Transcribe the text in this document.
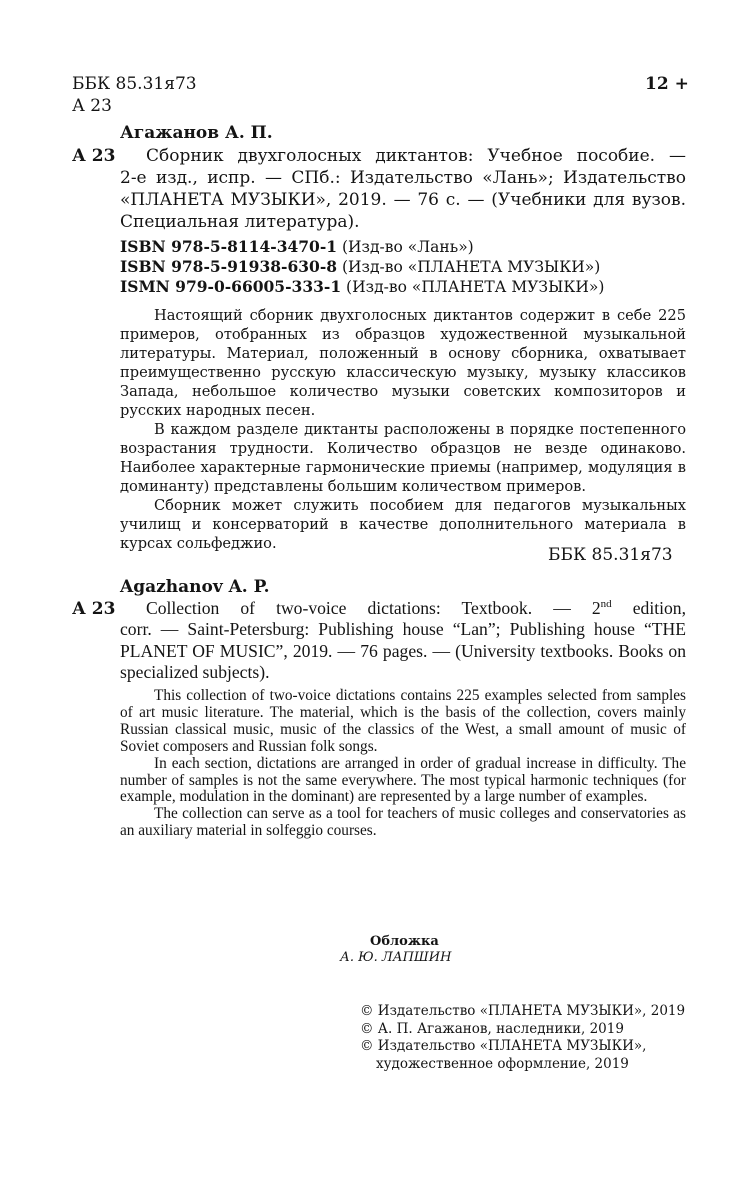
ББК 85.31я73
А 23
12 +
Агажанов А. П.
А 23 Сборник двухголосных диктантов: Учебное пособие. —
2-е изд., испр. — СПб.: Издательство «Лань»; Издательство «ПЛАНЕТА МУЗЫКИ», 2019. — 76 с. — (Учебники для вузов. Специальная литература).
ISBN 978-5-8114-3470-1 (Изд-во «Лань»)
ISBN 978-5-91938-630-8 (Изд-во «ПЛАНЕТА МУЗЫКИ»)
ISMN 979-0-66005-333-1 (Изд-во «ПЛАНЕТА МУЗЫКИ»)

Настоящий сборник двухголосных диктантов содержит в себе 225 примеров, отобранных из образцов художественной музыкальной литературы. Материал, положенный в основу сборника, охватывает преимущественно русскую классическую музыку, музыку классиков Запада, небольшое количество музыки советских композиторов и русских народных песен.

В каждом разделе диктанты расположены в порядке постепенного возрастания трудности. Количество образцов не везде одинаково. Наиболее характерные гармонические приемы (например, модуляция в доминанту) представлены большим количеством примеров.

Сборник может служить пособием для педагогов музыкальных училищ и консерваторий в качестве дополнительного материала в курсах сольфеджио.

ББК 85.31я73
Agazhanov A. P.
А 23 Collection of two-voice dictations: Textbook. — 2nd edition,
corr. — Saint-Petersburg: Publishing house “Lan”; Publishing house “THE PLANET OF MUSIC”, 2019. — 76 pages. — (University textbooks. Books on specialized subjects).

This collection of two-voice dictations contains 225 examples selected from samples of art music literature. The material, which is the basis of the collection, covers mainly Russian classical music, music of the classics of the West, a small amount of music of Soviet composers and Russian folk songs.

In each section, dictations are arranged in order of gradual increase in difficulty. The number of samples is not the same everywhere. The most typical harmonic techniques (for example, modulation in the dominant) are represented by a large number of examples.

The collection can serve as a tool for teachers of music colleges and conservatories as an auxiliary material in solfeggio courses.

Обложка
А. Ю. ЛАПШИН
© Издательство «ПЛАНЕТА МУЗЫКИ», 2019
© А. П. Агажанов, наследники, 2019
© Издательство «ПЛАНЕТА МУЗЫКИ»,
художественное оформление, 2019
